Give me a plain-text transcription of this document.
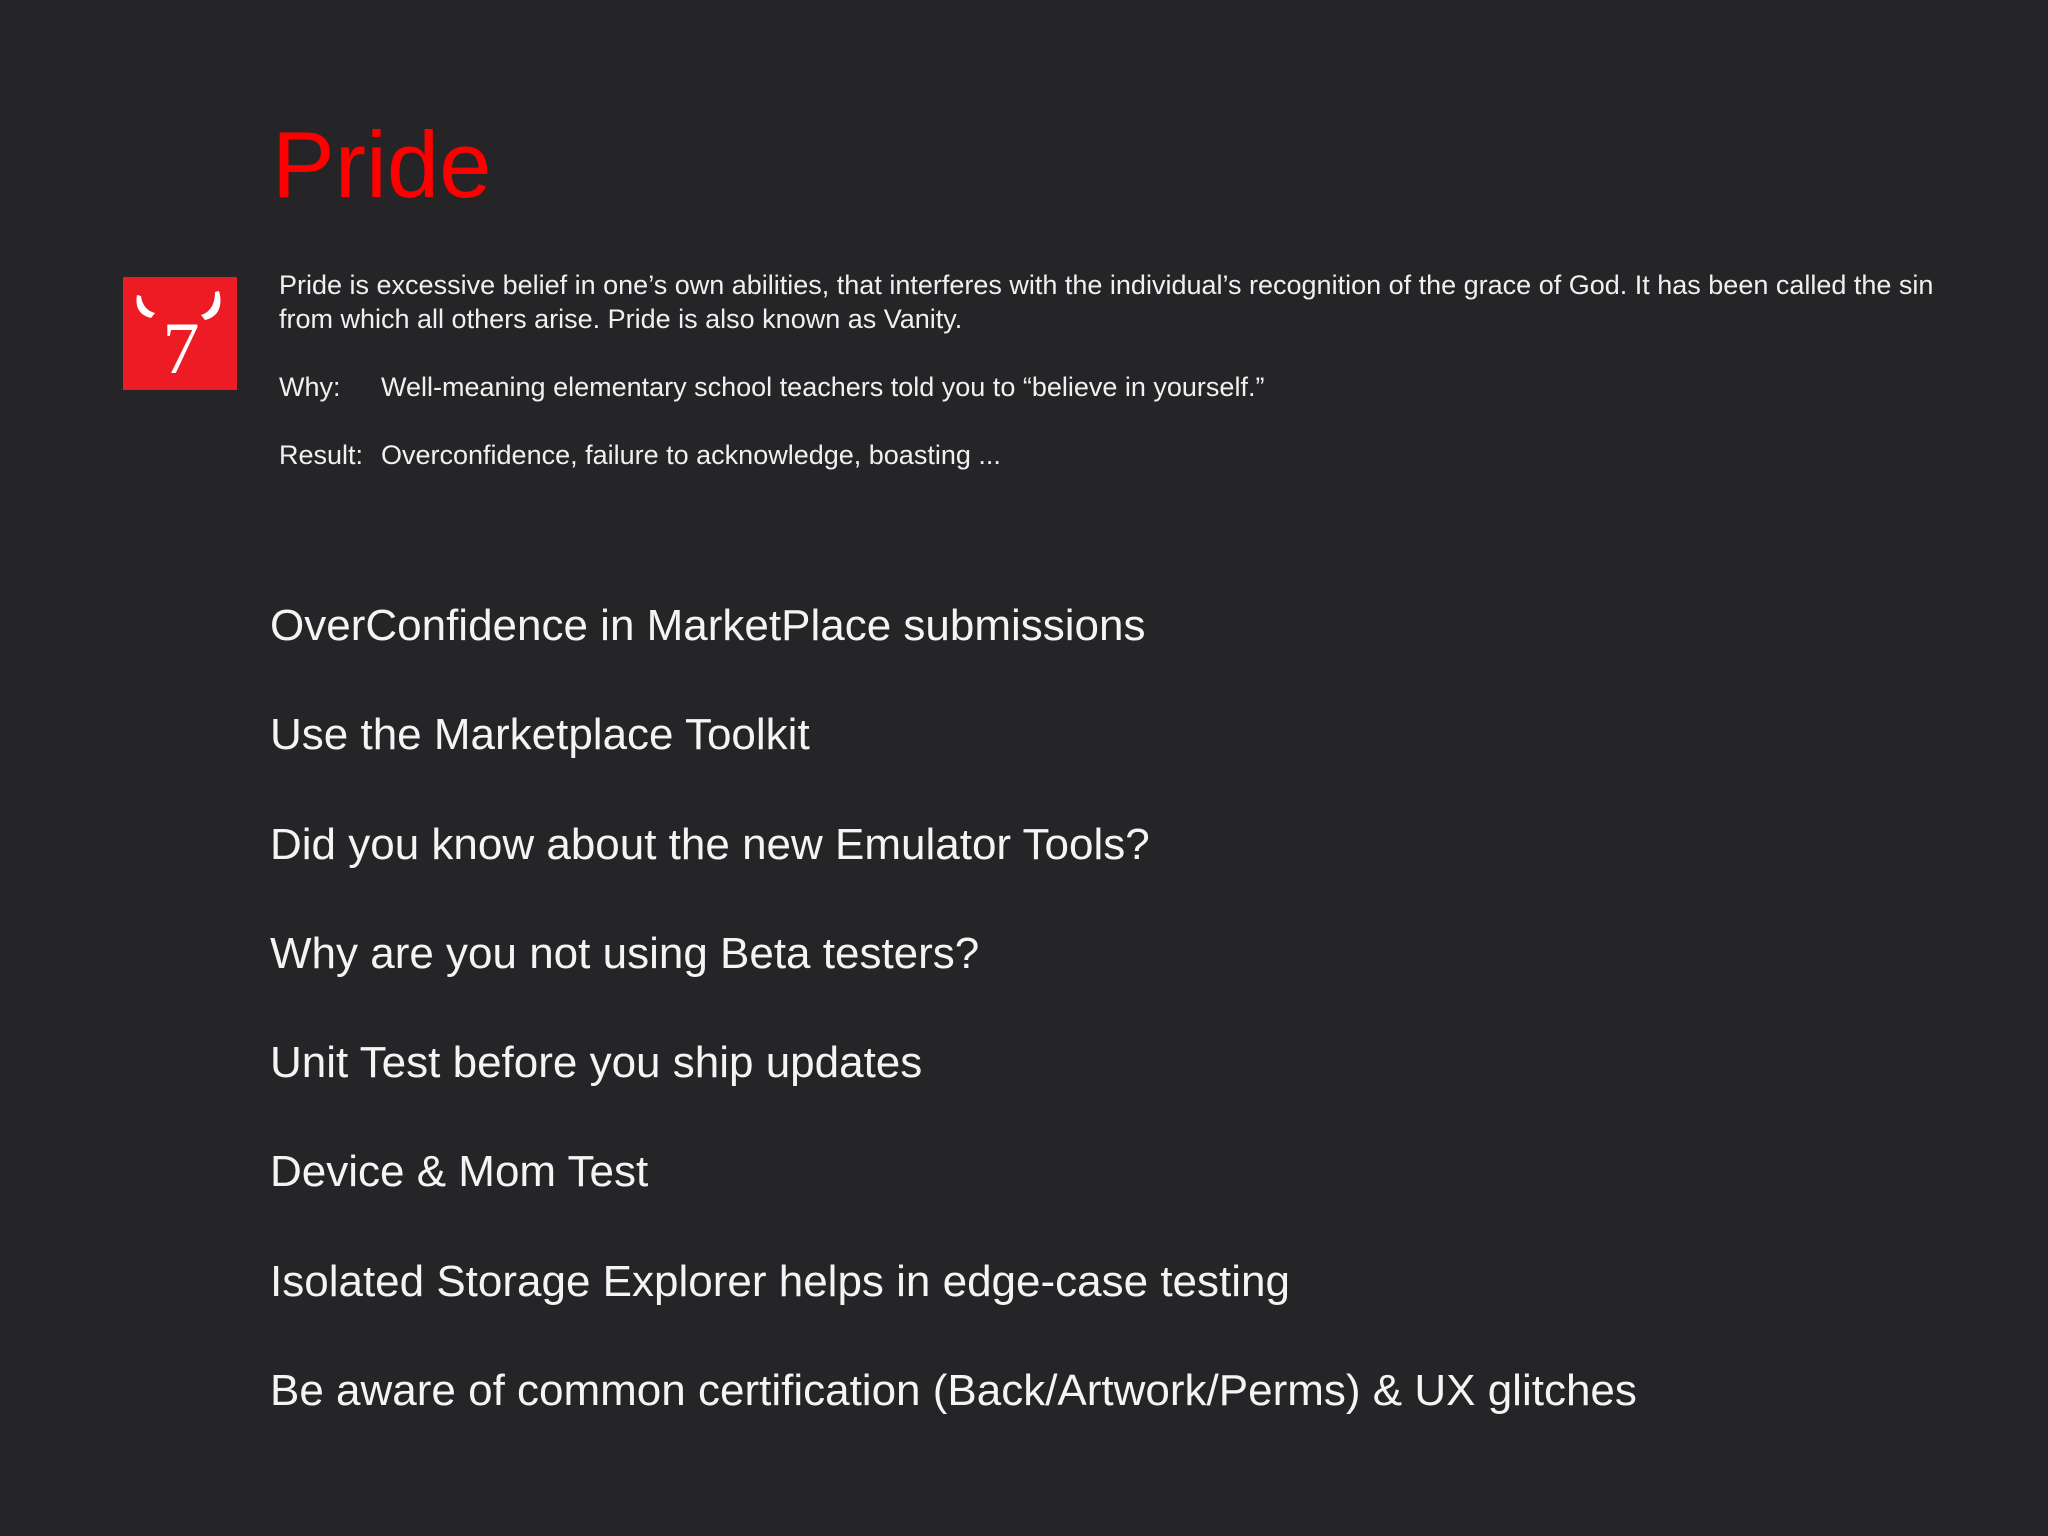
Pride
7

Pride is excessive belief in one’s own abilities, that interferes with the individual’s recognition of the grace of God. It has been called the sin from which all others arise. Pride is also known as Vanity.

Why: Well-meaning elementary school teachers told you to “believe in yourself.”
Result: Overconfidence, failure to acknowledge, boasting ...
OverConfidence in MarketPlace submissions
Use the Marketplace Toolkit
Did you know about the new Emulator Tools?
Why are you not using Beta testers?
Unit Test before you ship updates
Device & Mom Test
Isolated Storage Explorer helps in edge-case testing
Be aware of common certification (Back/Artwork/Perms) & UX glitches
